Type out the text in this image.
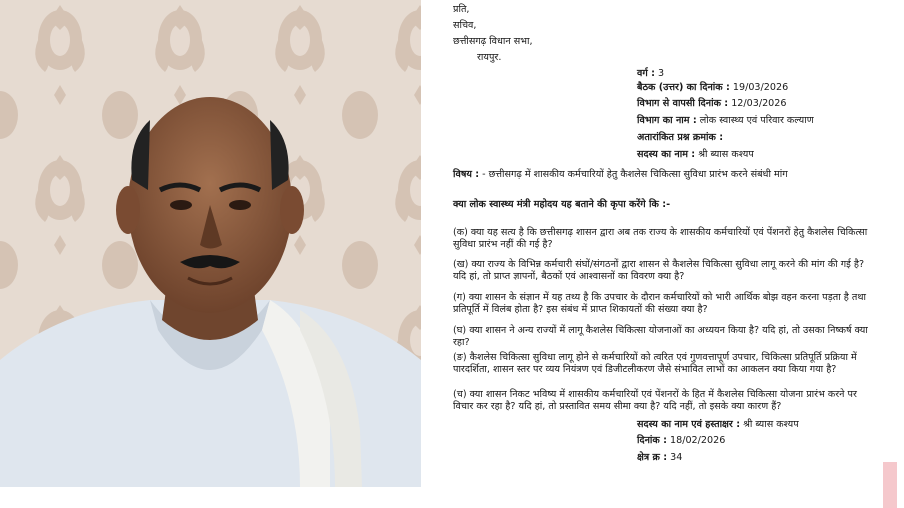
प्रति,
सचिव,
छत्तीसगढ़ विधान सभा,
रायपुर.
वर्ग : 3
बैठक (उत्तर) का दिनांक : 19/03/2026
विभाग से वापसी दिनांक : 12/03/2026
विभाग का नाम : लोक स्वास्थ्य एवं परिवार कल्याण
अतारांकित प्रश्न क्रमांक :
सदस्य का नाम : श्री ब्यास कश्यप
विषय : - छत्तीसगढ़ में शासकीय कर्मचारियों हेतु कैशलेस चिकित्सा सुविधा प्रारंभ करने संबंधी मांग
क्या लोक स्वास्थ्य मंत्री महोदय यह बताने की कृपा करेंगे कि :-
(क) क्या यह सत्य है कि छत्तीसगढ़ शासन द्वारा अब तक राज्य के शासकीय कर्मचारियों एवं पेंशनरों हेतु कैशलेस चिकित्सा सुविधा प्रारंभ नहीं की गई है?
(ख) क्या राज्य के विभिन्न कर्मचारी संघों/संगठनों द्वारा शासन से कैशलेस चिकित्सा सुविधा लागू करने की मांग की गई है? यदि हां, तो प्राप्त ज्ञापनों, बैठकों एवं आश्वासनों का विवरण क्या है?
(ग) क्या शासन के संज्ञान में यह तथ्य है कि उपचार के दौरान कर्मचारियों को भारी आर्थिक बोझ वहन करना पड़ता है तथा प्रतिपूर्ति में विलंब होता है? इस संबंध में प्राप्त शिकायतों की संख्या क्या है?
(घ) क्या शासन ने अन्य राज्यों में लागू कैशलेस चिकित्सा योजनाओं का अध्ययन किया है? यदि हां, तो उसका निष्कर्ष क्या रहा?
(ङ) कैशलेस चिकित्सा सुविधा लागू होने से कर्मचारियों को त्वरित एवं गुणवत्तापूर्ण उपचार, चिकित्सा प्रतिपूर्ति प्रक्रिया में पारदर्शिता, शासन स्तर पर व्यय नियंत्रण एवं डिजीटलीकरण जैसे संभावित लाभों का आकलन क्या किया गया है?
(च) क्या शासन निकट भविष्य में शासकीय कर्मचारियों एवं पेंशनरों के हित में कैशलेस चिकित्सा योजना प्रारंभ करने पर विचार कर रहा है? यदि हां, तो प्रस्तावित समय सीमा क्या है? यदि नहीं, तो इसके क्या कारण हैं?
सदस्य का नाम एवं हस्ताक्षर : श्री ब्यास कश्यप
दिनांक : 18/02/2026
क्षेत्र क्र : 34
